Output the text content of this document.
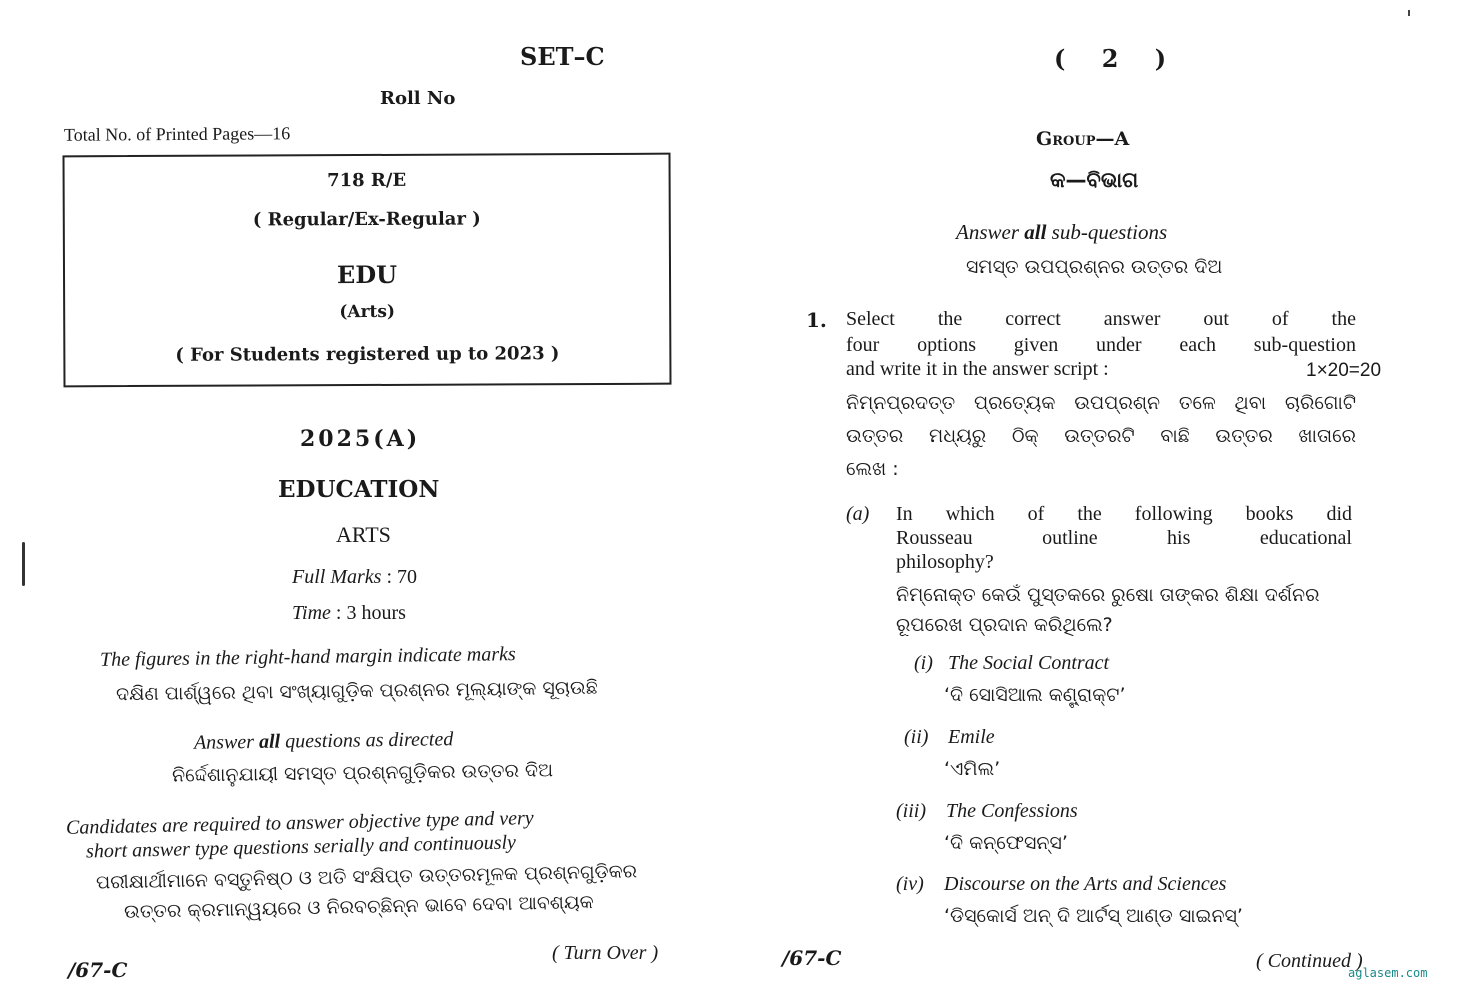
SET–C
Roll No
Total No. of Printed Pages—16
718 R/E
( Regular/Ex-Regular )
EDU
(Arts)
( For Students registered up to 2023 )
2025(A)
EDUCATION
ARTS
Full Marks : 70
Time : 3 hours
The figures in the right-hand margin indicate marks
ଦକ୍ଷିଣ ପାର୍ଶ୍ୱରେ ଥିବା ସଂଖ୍ୟାଗୁଡ଼ିକ ପ୍ରଶ୍ନର ମୂଲ୍ୟାଙ୍କ ସୂଚାଉଛି
Answer all questions as directed
ନିର୍ଦ୍ଦେଶାନୁଯାୟୀ ସମସ୍ତ ପ୍ରଶ୍ନଗୁଡ଼ିକର ଉତ୍ତର ଦିଅ
Candidates are required to answer objective type and very
short answer type questions serially and continuously
ପରୀକ୍ଷାର୍ଥୀମାନେ ବସ୍ତୁନିଷ୍ଠ ଓ ଅତି ସଂକ୍ଷିପ୍ତ ଉତ୍ତରମୂଳକ ପ୍ରଶ୍ନଗୁଡ଼ିକର
ଉତ୍ତର କ୍ରମାନ୍ୱୟରେ ଓ ନିରବଚ୍ଛିନ୍ନ ଭାବେ ଦେବା ଆବଶ୍ୟକ
( Turn Over )
/67-C
( 2 )
Group—A
କ—ବିଭାଗ
Answer all sub-questions
ସମସ୍ତ ଉପପ୍ରଶ୍ନର ଉତ୍ତର ଦିଅ
1. Select the correct answer out of the
four options given under each sub-question
and write it in the answer script :	1×20=20
ନିମ୍ନପ୍ରଦତ୍ତ ପ୍ରତ୍ୟେକ ଉପପ୍ରଶ୍ନ ତଳେ ଥିବା ଚାରିଗୋଟି
ଉତ୍ତର ମଧ୍ୟରୁ ଠିକ୍ ଉତ୍ତରଟି ବାଛି ଉତ୍ତର ଖାତାରେ
ଲେଖ :
(a) In which of the following books did
Rousseau outline his educational
philosophy?
ନିମ୍ନୋକ୍ତ କେଉଁ ପୁସ୍ତକରେ ରୁଷୋ ତାଙ୍କର ଶିକ୍ଷା ଦର୍ଶନର
ରୂପରେଖ ପ୍ରଦାନ କରିଥିଲେ?
(i) The Social Contract
‘ଦି ସୋସିଆଲ କଣ୍ଟ୍ରାକ୍ଟ’
(ii) Emile
‘ଏମିଲ’
(iii) The Confessions
‘ଦି କନ୍‌ଫେସନ୍ସ’
(iv) Discourse on the Arts and Sciences
‘ଡିସ୍‌କୋର୍ସ ଅନ୍ ଦି ଆର୍ଟସ୍ ଆଣ୍ଡ ସାଇନସ୍’
/67-C	( Continued )
aglasem.com
